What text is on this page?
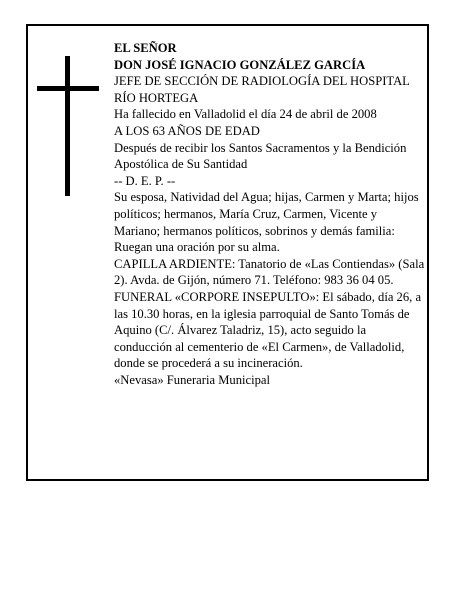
EL SEÑOR

DON JOSÉ IGNACIO GONZÁLEZ GARCÍA

JEFE DE SECCIÓN DE RADIOLOGÍA DEL HOSPITAL RÍO HORTEGA

Ha fallecido en Valladolid el día 24 de abril de 2008

A LOS 63 AÑOS DE EDAD

Después de recibir los Santos Sacramentos y la Bendición Apostólica de Su Santidad

-- D. E. P. --

Su esposa, Natividad del Agua; hijas, Carmen y Marta; hijos políticos; hermanos, María Cruz, Carmen, Vicente y Mariano; hermanos políticos, sobrinos y demás familia:

Ruegan una oración por su alma.

CAPILLA ARDIENTE: Tanatorio de «Las Contiendas» (Sala 2). Avda. de Gijón, número 71. Teléfono: 983 36 04 05.

FUNERAL «CORPORE INSEPULTO»: El sábado, día 26, a las 10.30 horas, en la iglesia parroquial de Santo Tomás de Aquino (C/. Álvarez Taladriz, 15), acto seguido la conducción al cementerio de «El Carmen», de Valladolid, donde se procederá a su incineración.

«Nevasa» Funeraria Municipal
